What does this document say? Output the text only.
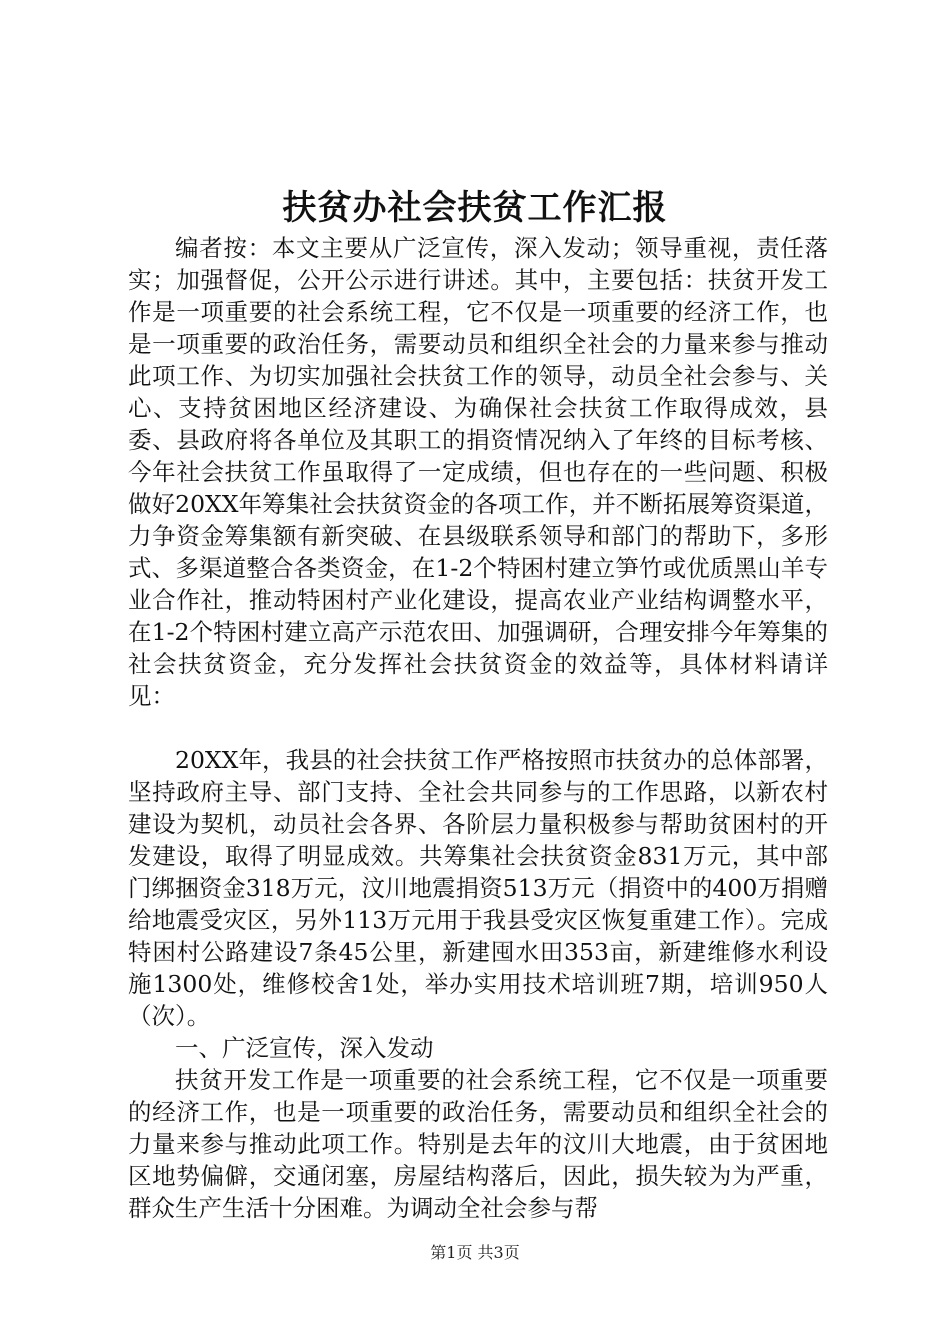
扶贫办社会扶贫工作汇报

编者按：本文主要从广泛宣传，深入发动；领导重视，责任落实；加强督促，公开公示进行讲述。其中，主要包括：扶贫开发工作是一项重要的社会系统工程，它不仅是一项重要的经济工作，也是一项重要的政治任务，需要动员和组织全社会的力量来参与推动此项工作、为切实加强社会扶贫工作的领导，动员全社会参与、关心、支持贫困地区经济建设、为确保社会扶贫工作取得成效，县委、县政府将各单位及其职工的捐资情况纳入了年终的目标考核、今年社会扶贫工作虽取得了一定成绩，但也存在的一些问题、积极做好20XX年筹集社会扶贫资金的各项工作，并不断拓展筹资渠道，力争资金筹集额有新突破、在县级联系领导和部门的帮助下，多形式、多渠道整合各类资金，在1-2个特困村建立笋竹或优质黑山羊专业合作社，推动特困村产业化建设，提高农业产业结构调整水平，在1-2个特困村建立高产示范农田、加强调研，合理安排今年筹集的社会扶贫资金，充分发挥社会扶贫资金的效益等，具体材料请详见：

20XX年，我县的社会扶贫工作严格按照市扶贫办的总体部署，坚持政府主导、部门支持、全社会共同参与的工作思路，以新农村建设为契机，动员社会各界、各阶层力量积极参与帮助贫困村的开发建设，取得了明显成效。共筹集社会扶贫资金831万元，其中部门绑捆资金318万元，汶川地震捐资513万元（捐资中的400万捐赠给地震受灾区，另外113万元用于我县受灾区恢复重建工作）。完成特困村公路建设7条45公里，新建囤水田353亩，新建维修水利设施1300处，维修校舍1处，举办实用技术培训班7期，培训950人（次）。

一、广泛宣传，深入发动

扶贫开发工作是一项重要的社会系统工程，它不仅是一项重要的经济工作，也是一项重要的政治任务，需要动员和组织全社会的力量来参与推动此项工作。特别是去年的汶川大地震，由于贫困地区地势偏僻，交通闭塞，房屋结构落后，因此，损失较为为严重，群众生产生活十分困难。为调动全社会参与帮

第1页 共3页
